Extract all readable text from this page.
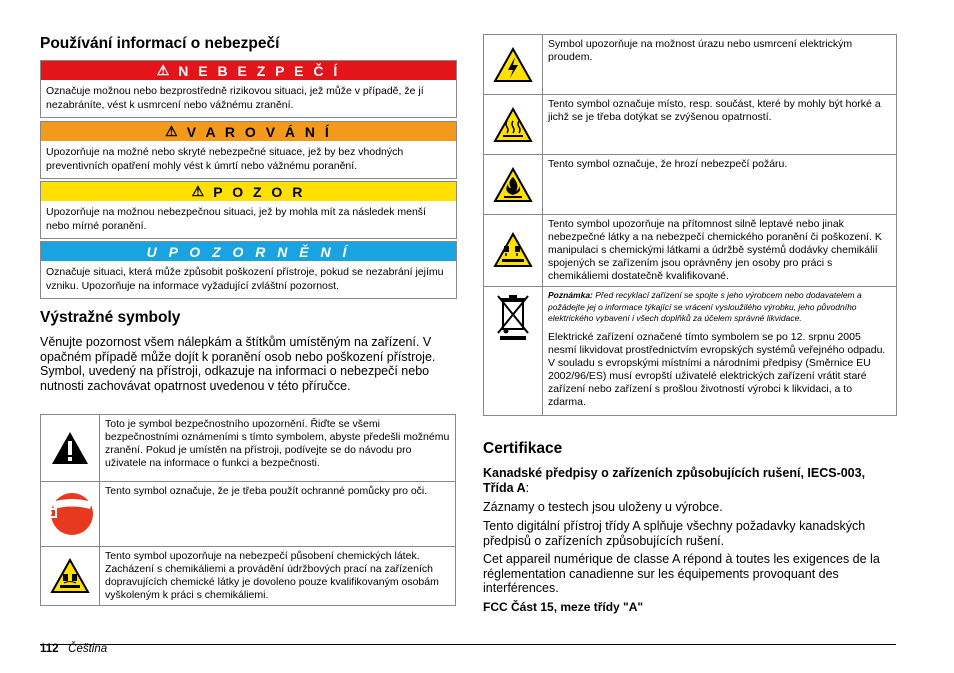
Používání informací o nebezpečí
⚠ N E B E Z P E Č Í
Označuje možnou nebo bezprostředně rizikovou situaci, jež může v případě, že jí nezabráníte, vést k usmrcení nebo vážnému zranění.
⚠ V A R O V Á N Í
Upozorňuje na možné nebo skryté nebezpečné situace, jež by bez vhodných preventivních opatření mohly vést k úmrtí nebo vážnému poranění.
⚠ P O Z O R
Upozorňuje na možnou nebezpečnou situaci, jež by mohla mít za následek menší nebo mírné poranění.
U P O Z O R N Ě N Í
Označuje situaci, která může způsobit poškození přístroje, pokud se nezabrání jejímu vzniku. Upozorňuje na informace vyžadující zvláštní pozornost.
Výstražné symboly
Věnujte pozornost všem nálepkám a štítkům umístěným na zařízení. V opačném případě může dojít k poranění osob nebo poškození přístroje. Symbol, uvedený na přístroji, odkazuje na informaci o nebezpečí nebo nutnosti zachovávat opatrnost uvedenou v této příručce.
	Toto je symbol bezpečnostního upozornění. Řiďte se všemi bezpečnostními oznámeními s tímto symbolem, abyste předešli možnému zranění. Pokud je umístěn na přístroji, podívejte se do návodu pro uživatele na informace o funkci a bezpečnosti.

	Tento symbol označuje, že je třeba použít ochranné pomůcky pro oči.

	Tento symbol upozorňuje na nebezpečí působení chemických látek. Zacházení s chemikáliemi a provádění údržbových prací na zařízeních dopravujících chemické látky je dovoleno pouze kvalifikovaným osobám vyškoleným k práci s chemikáliemi.
	Symbol upozorňuje na možnost úrazu nebo usmrcení elektrickým proudem.

	Tento symbol označuje místo, resp. součást, které by mohly být horké a jichž se je třeba dotýkat se zvýšenou opatrností.

	Tento symbol označuje, že hrozí nebezpečí požáru.

	Tento symbol upozorňuje na přítomnost silně leptavé nebo jinak nebezpečné látky a na nebezpečí chemického poranění či poškození. K manipulaci s chemickými látkami a údržbě systémů dodávky chemikálií spojených se zařízením jsou oprávněny jen osoby pro práci s chemikáliemi dostatečně kvalifikované.

Poznámka: Před recyklací zařízení se spojte s jeho výrobcem nebo dodavatelem a požádejte jej o informace týkající se vrácení vysloužilého výrobku, jeho původního elektrického vybavení i všech doplňků za účelem správné likvidace.
Elektrické zařízení označené tímto symbolem se po 12. srpnu 2005 nesmí likvidovat prostřednictvím evropských systémů veřejného odpadu. V souladu s evropskými místními a národními předpisy (Směrnice EU 2002/96/ES) musí evropští uživatelé elektrických zařízení vrátit staré zařízení nebo zařízení s prošlou životností výrobci k likvidaci, a to zdarma.
Certifikace
Kanadské předpisy o zařízeních způsobujících rušení, IECS-003, Třída A:
Záznamy o testech jsou uloženy u výrobce.
Tento digitální přístroj třídy A splňuje všechny požadavky kanadských předpisů o zařízeních způsobujících rušení.
Cet appareil numérique de classe A répond à toutes les exigences de la réglementation canadienne sur les équipements provoquant des interférences.
FCC Část 15, meze třídy "A"
112 Čeština
